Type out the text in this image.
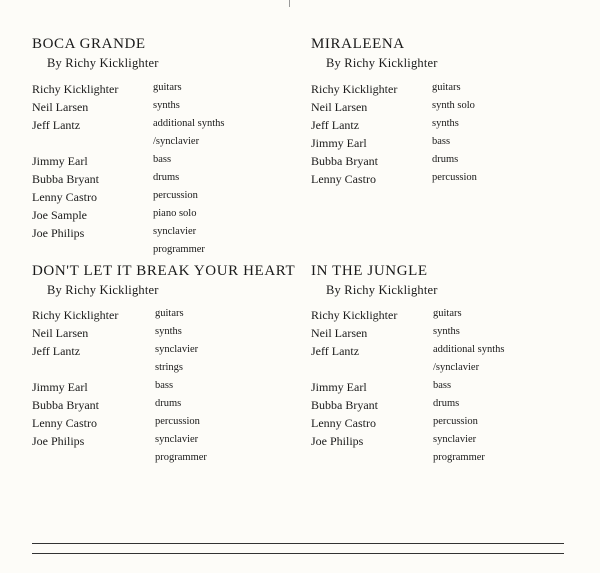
BOCA GRANDE
By Richy Kicklighter
Richy Kicklighter	guitars
Neil Larsen	synths
Jeff Lantz	additional synths
/synclavier
Jimmy Earl	bass
Bubba Bryant	drums
Lenny Castro	percussion
Joe Sample	piano solo
Joe Philips	synclavier
programmer
MIRALEENA
By Richy Kicklighter
Richy Kicklighter	guitars
Neil Larsen	synth solo
Jeff Lantz	synths
Jimmy Earl	bass
Bubba Bryant	drums
Lenny Castro	percussion
DON'T LET IT BREAK YOUR HEART
By Richy Kicklighter
Richy Kicklighter	guitars
Neil Larsen	synths
Jeff Lantz	synclavier
strings
Jimmy Earl	bass
Bubba Bryant	drums
Lenny Castro	percussion
Joe Philips	synclavier
programmer
IN THE JUNGLE
By Richy Kicklighter
Richy Kicklighter	guitars
Neil Larsen	synths
Jeff Lantz	additional synths
/synclavier
Jimmy Earl	bass
Bubba Bryant	drums
Lenny Castro	percussion
Joe Philips	synclavier
programmer
